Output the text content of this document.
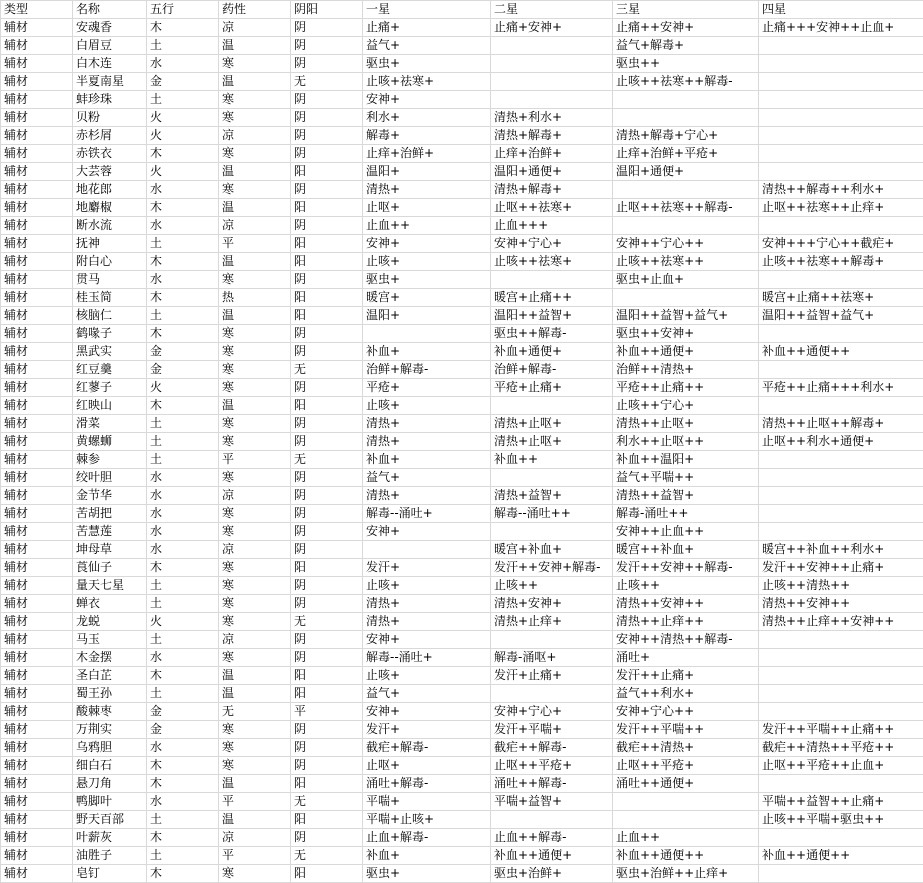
类型	名称	五行	药性	阴阳	一星	二星	三星	四星
辅材	安魂香	木	凉	阴	止痛+	止痛+安神+	止痛++安神+	止痛+++安神++止血+
辅材	白眉豆	土	温	阴	益气+		益气+解毒+	
辅材	白木连	水	寒	阴	驱虫+		驱虫++	
辅材	半夏南星	金	温	无	止咳+祛寒+		止咳++祛寒++解毒-	
辅材	蚌珍珠	土	寒	阴	安神+			
辅材	贝粉	火	寒	阴	利水+	清热+利水+		
辅材	赤杉屑	火	凉	阴	解毒+	清热+解毒+	清热+解毒+宁心+	
辅材	赤铁衣	木	寒	阴	止痒+治鲜+	止痒+治鲜+	止痒+治鲜+平疮+	
辅材	大芸蓉	火	温	阳	温阳+	温阳+通便+	温阳+通便+	
辅材	地花郎	水	寒	阴	清热+	清热+解毒+		清热++解毒++利水+
辅材	地麝椒	木	温	阳	止呕+	止呕++祛寒+	止呕++祛寒++解毒-	止呕++祛寒++止痒+
辅材	断水流	水	凉	阴	止血++	止血+++		
辅材	抚神	土	平	阳	安神+	安神+宁心+	安神++宁心++	安神+++宁心++截疟+
辅材	附白心	木	温	阳	止咳+	止咳++祛寒+	止咳++祛寒++	止咳++祛寒++解毒+
辅材	贯马	水	寒	阴	驱虫+		驱虫+止血+	
辅材	桂玉简	木	热	阳	暖宫+	暖宫+止痛++		暖宫+止痛++祛寒+
辅材	核脑仁	土	温	阳	温阳+	温阳++益智+	温阳++益智+益气+	温阳++益智+益气+
辅材	鹤喙子	木	寒	阴		驱虫++解毒-	驱虫++安神+	
辅材	黑武实	金	寒	阴	补血+	补血+通便+	补血++通便+	补血++通便++
辅材	红豆羹	金	寒	无	治鲜+解毒-	治鲜+解毒-	治鲜++清热+	
辅材	红蓼子	火	寒	阴	平疮+	平疮+止痛+	平疮++止痛++	平疮++止痛+++利水+
辅材	红映山	木	温	阳	止咳+		止咳++宁心+	
辅材	滑菜	土	寒	阴	清热+	清热+止呕+	清热++止呕+	清热++止呕++解毒+
辅材	黄螺蛳	土	寒	阴	清热+	清热+止呕+	利水++止呕++	止呕++利水+通便+
辅材	棘参	土	平	无	补血+	补血++	补血++温阳+	
辅材	绞叶胆	水	寒	阴	益气+		益气+平喘++	
辅材	金节华	水	凉	阴	清热+	清热+益智+	清热++益智+	
辅材	苦胡把	水	寒	阴	解毒--涌吐+	解毒--涌吐++	解毒-涌吐++	
辅材	苦慧莲	水	寒	阴	安神+		安神++止血++	
辅材	坤母草	水	凉	阴		暖宫+补血+	暖宫++补血+	暖宫++补血++利水+
辅材	莨仙子	木	寒	阳	发汗+	发汗++安神+解毒-	发汗++安神++解毒-	发汗++安神++止痛+
辅材	量天七星	土	寒	阴	止咳+	止咳++	止咳++	止咳++清热++
辅材	蝉衣	土	寒	阴	清热+	清热+安神+	清热++安神++	清热++安神++
辅材	龙蜕	火	寒	无	清热+	清热+止痒+	清热++止痒++	清热++止痒++安神++
辅材	马玉	土	凉	阴	安神+		安神++清热++解毒-	
辅材	木金摆	水	寒	阴	解毒--涌吐+	解毒-涌呕+	涌吐+	
辅材	圣白芷	木	温	阳	止咳+	发汗+止痛+	发汗++止痛+	
辅材	蜀王孙	土	温	阳	益气+		益气++利水+	
辅材	酸棘枣	金	无	平	安神+	安神+宁心+	安神+宁心++	
辅材	万荆实	金	寒	阴	发汗+	发汗+平喘+	发汗++平喘++	发汗++平喘++止痛++
辅材	乌鸦胆	水	寒	阴	截疟+解毒-	截疟++解毒-	截疟++清热+	截疟++清热++平疮++
辅材	细白石	木	寒	阴	止呕+	止呕++平疮+	止呕++平疮+	止呕++平疮++止血+
辅材	悬刀角	木	温	阳	涌吐+解毒-	涌吐++解毒-	涌吐++通便+	
辅材	鸭脚叶	水	平	无	平喘+	平喘+益智+		平喘++益智++止痛+
辅材	野天百部	土	温	阳	平喘+止咳+			止咳++平喘+驱虫++
辅材	叶薪灰	木	凉	阴	止血+解毒-	止血++解毒-	止血++	
辅材	油胜子	土	平	无	补血+	补血++通便+	补血++通便++	补血++通便++
辅材	皂钉	木	寒	阳	驱虫+	驱虫+治鲜+	驱虫+治鲜++止痒+	
